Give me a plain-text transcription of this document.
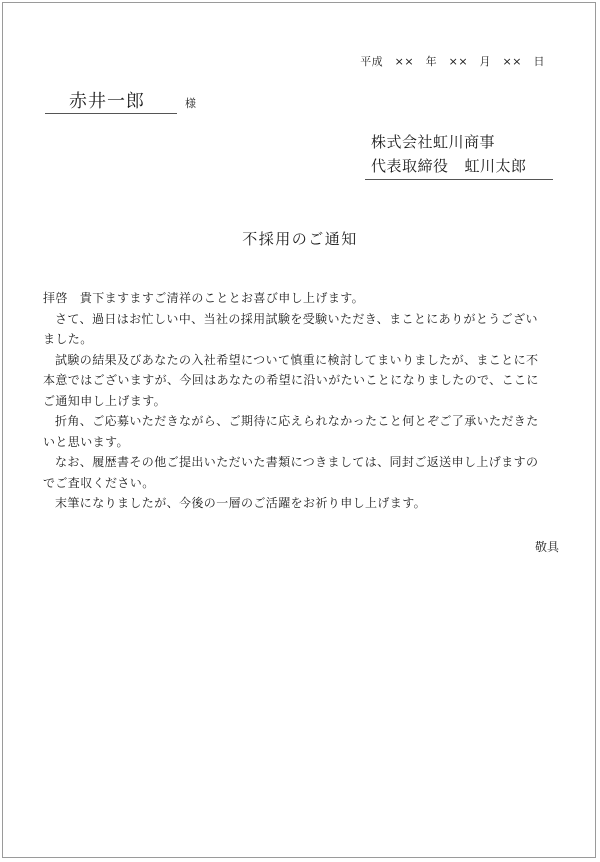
平成　××　年　××　月　××　日
赤井一郎	様
株式会社虹川商事
代表取締役 虹川太郎
不採用のご通知

拝啓 貴下ますますご清祥のこととお喜び申し上げます。

さて、過日はお忙しい中、当社の採用試験を受験いただき、まことにありがとうござい

ました。

試験の結果及びあなたの入社希望について慎重に検討してまいりましたが、まことに不

本意ではございますが、今回はあなたの希望に沿いがたいことになりましたので、ここに

ご通知申し上げます。

折角、ご応募いただきながら、ご期待に応えられなかったこと何とぞご了承いただきた

いと思います。

なお、履歴書その他ご提出いただいた書類につきましては、同封ご返送申し上げますの

でご査収ください。

末筆になりましたが、今後の一層のご活躍をお祈り申し上げます。

敬具
